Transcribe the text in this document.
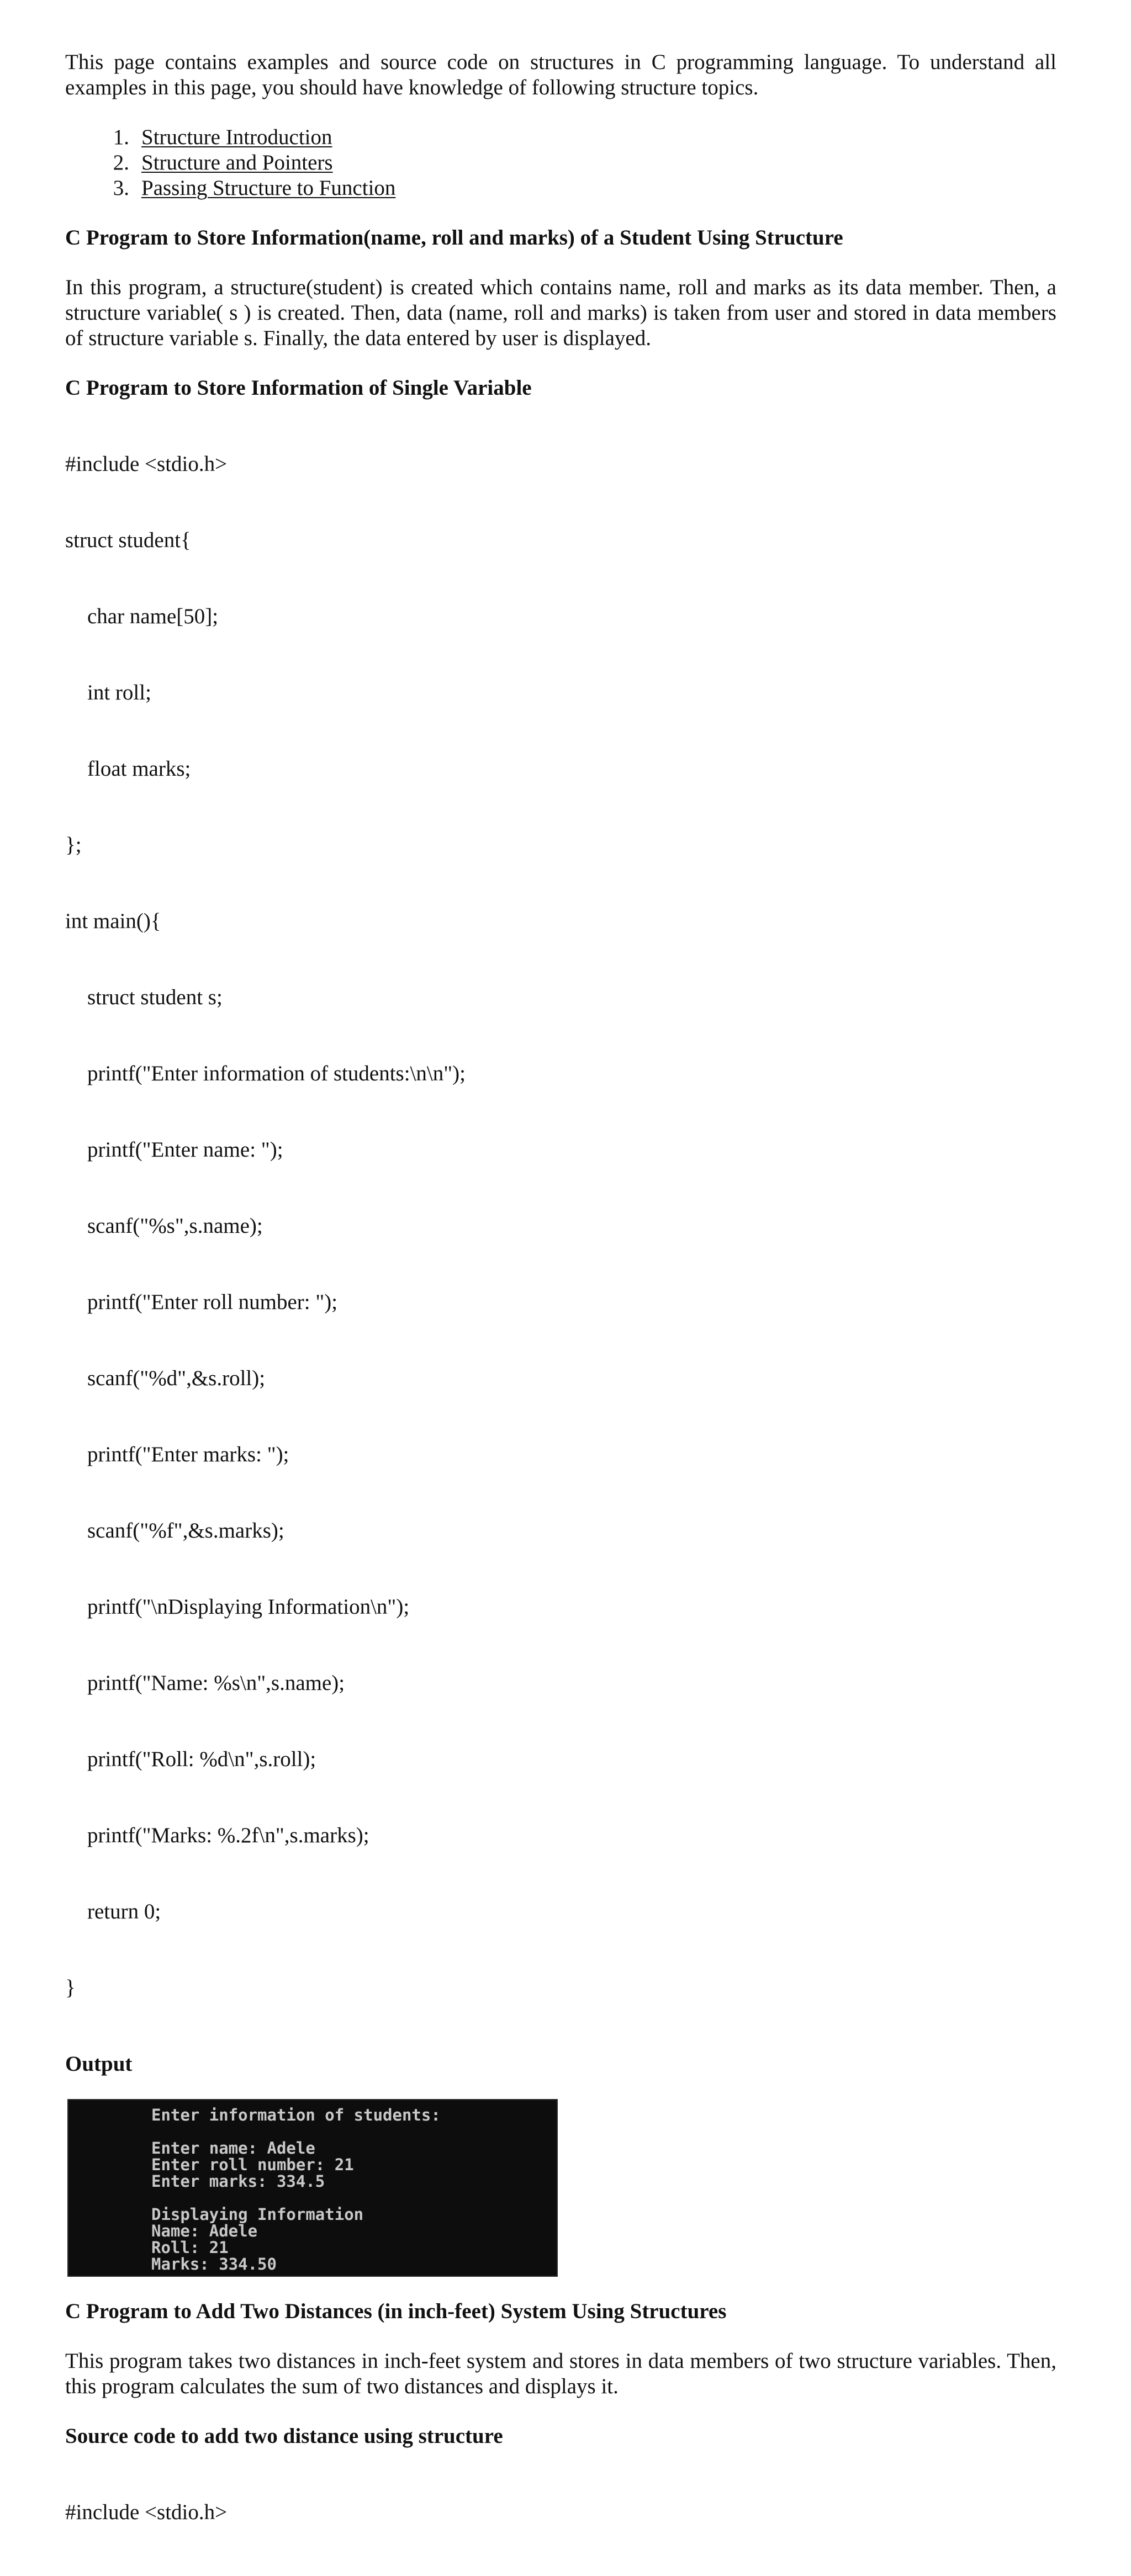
This page contains examples and source code on structures in C programming language. To understand all examples in this page, you should have knowledge of following structure topics.

1. Structure Introduction
2. Structure and Pointers
3. Passing Structure to Function

C Program to Store Information(name, roll and marks) of a Student Using Structure

In this program, a structure(student) is created which contains name, roll and marks as its data member. Then, a structure variable( s ) is created. Then, data (name, roll and marks) is taken from user and stored in data members of structure variable s. Finally, the data entered by user is displayed.

C Program to Store Information of Single Variable

#include <stdio.h>

struct student{

char name[50];

int roll;

float marks;

};

int main(){

struct student s;

printf("Enter information of students:\n\n");

printf("Enter name: ");

scanf("%s",s.name);

printf("Enter roll number: ");

scanf("%d",&s.roll);

printf("Enter marks: ");

scanf("%f",&s.marks);

printf("\nDisplaying Information\n");

printf("Name: %s\n",s.name);

printf("Roll: %d\n",s.roll);

printf("Marks: %.2f\n",s.marks);

return 0;

}

Output

Enter information of students:
Enter name: Adele
Enter roll number: 21
Enter marks: 334.5
Displaying Information
Name: Adele
Roll: 21
Marks: 334.50

C Program to Add Two Distances (in inch-feet) System Using Structures

This program takes two distances in inch-feet system and stores in data members of two structure variables. Then, this program calculates the sum of two distances and displays it.

Source code to add two distance using structure

#include <stdio.h>
